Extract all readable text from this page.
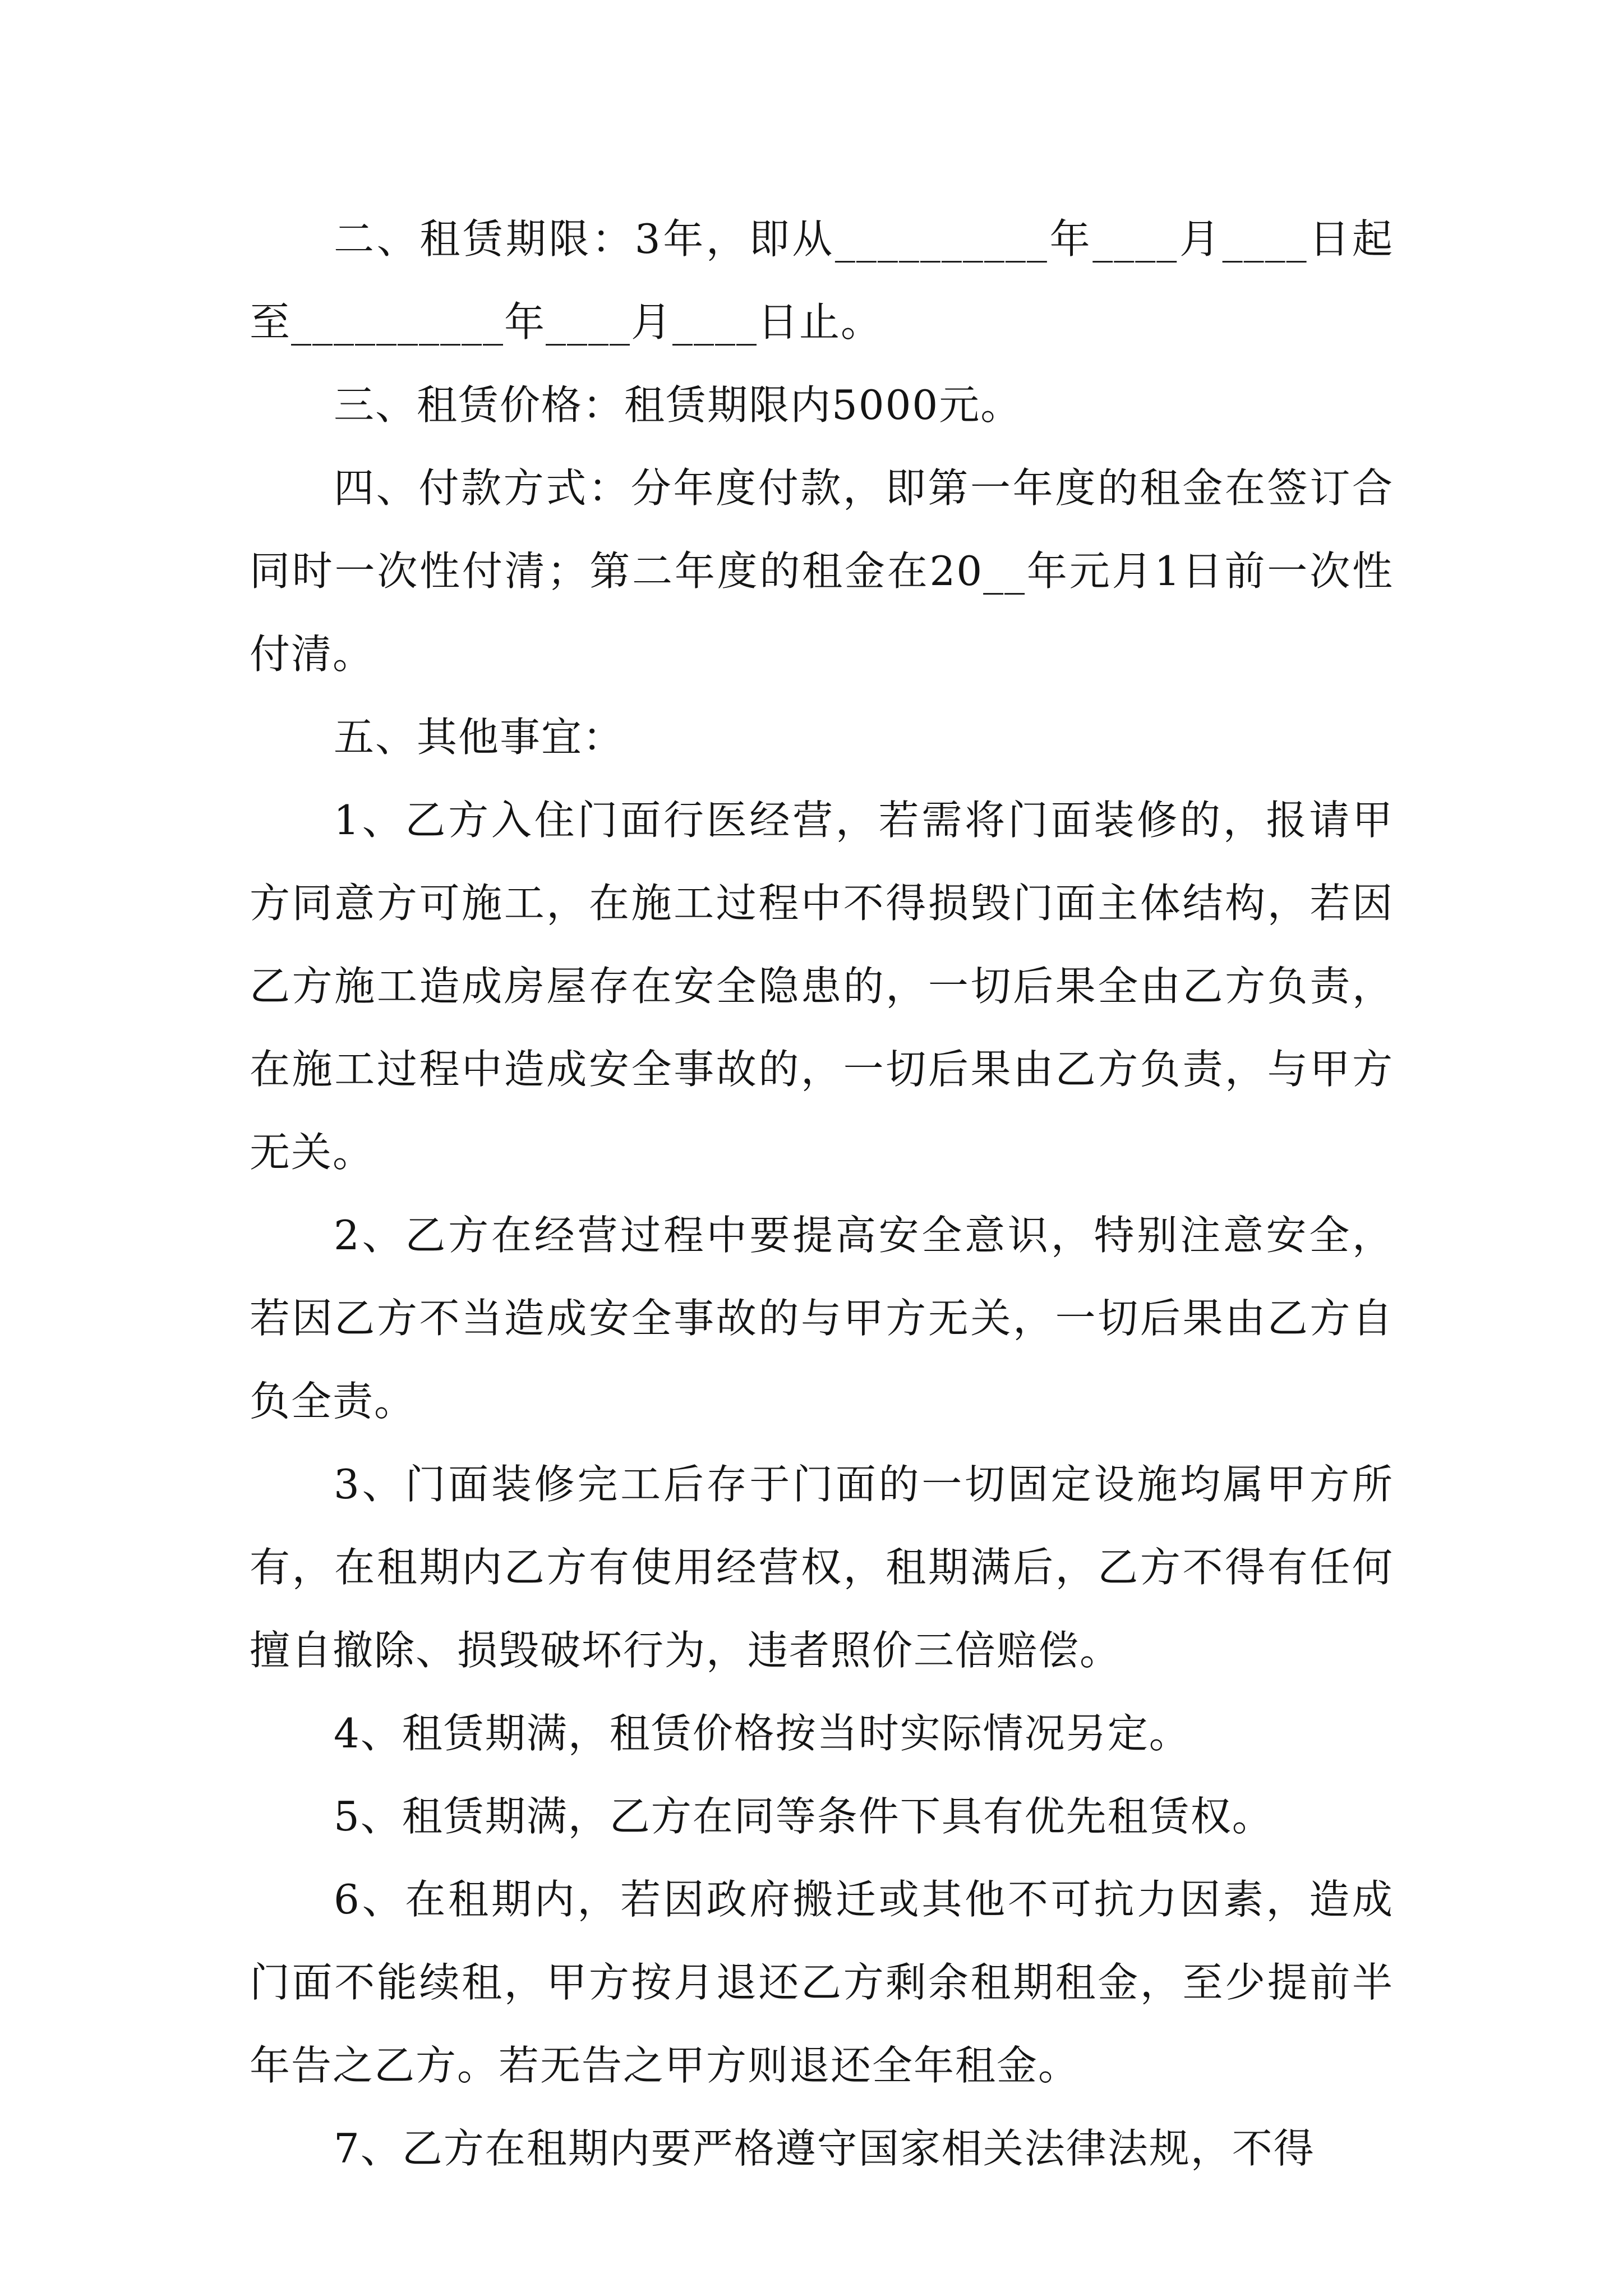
二、租赁期限：3年，即从__________年____月____日起至__________年____月____日止。

三、租赁价格：租赁期限内5000元。

四、付款方式：分年度付款，即第一年度的租金在签订合同时一次性付清；第二年度的租金在20__年元月1日前一次性付清。

五、其他事宜：

1、乙方入住门面行医经营，若需将门面装修的，报请甲方同意方可施工，在施工过程中不得损毁门面主体结构，若因乙方施工造成房屋存在安全隐患的，一切后果全由乙方负责，在施工过程中造成安全事故的，一切后果由乙方负责，与甲方无关。

2、乙方在经营过程中要提高安全意识，特别注意安全，若因乙方不当造成安全事故的与甲方无关，一切后果由乙方自负全责。

3、门面装修完工后存于门面的一切固定设施均属甲方所有，在租期内乙方有使用经营权，租期满后，乙方不得有任何擅自撤除、损毁破坏行为，违者照价三倍赔偿。

4、租赁期满，租赁价格按当时实际情况另定。

5、租赁期满，乙方在同等条件下具有优先租赁权。

6、在租期内，若因政府搬迁或其他不可抗力因素，造成门面不能续租，甲方按月退还乙方剩余租期租金，至少提前半年告之乙方。若无告之甲方则退还全年租金。

7、乙方在租期内要严格遵守国家相关法律法规，不得
